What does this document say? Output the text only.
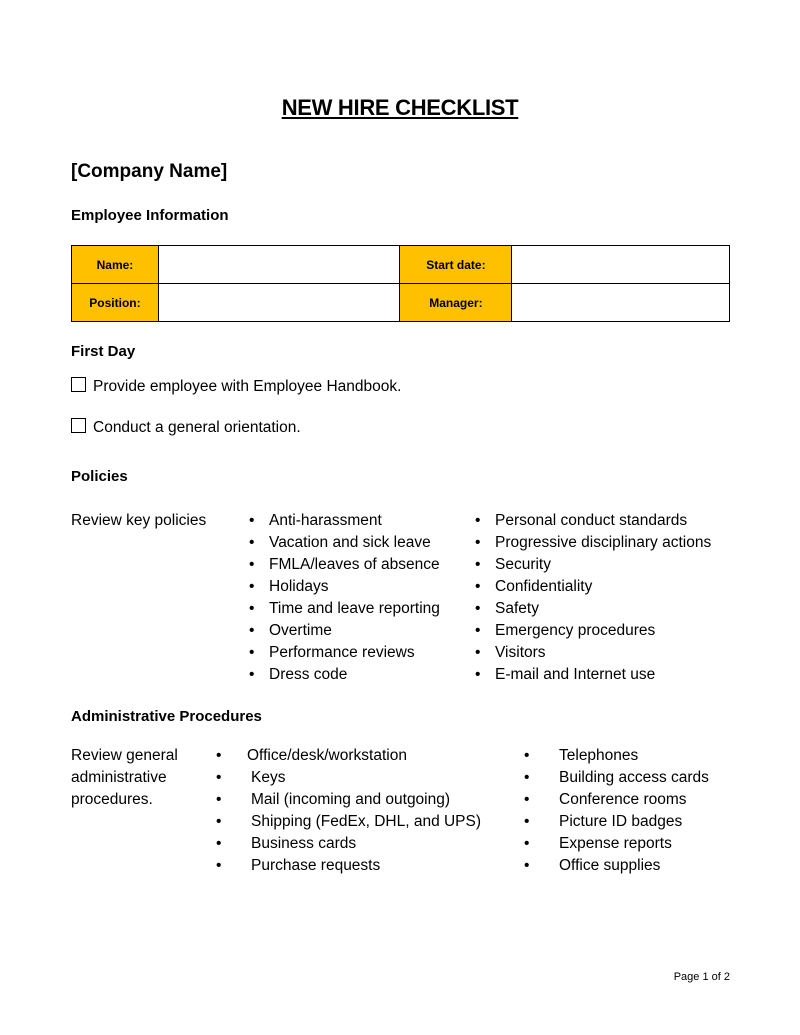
NEW HIRE CHECKLIST
[Company Name]
Employee Information
Name:		Start date:	
Position:		Manager:	
First Day
Provide employee with Employee Handbook.
Conduct a general orientation.
Policies
Review key policies	• Anti-harassment
• Vacation and sick leave
• FMLA/leaves of absence
• Holidays
• Time and leave reporting
• Overtime
• Performance reviews
• Dress code
• Personal conduct standards
• Progressive disciplinary actions
• Security
• Confidentiality
• Safety
• Emergency procedures
• Visitors
• E-mail and Internet use
Administrative Procedures
Review general
administrative
procedures.
• Office/desk/workstation
• Keys
• Mail (incoming and outgoing)
• Shipping (FedEx, DHL, and UPS)
• Business cards
• Purchase requests
• Telephones
• Building access cards
• Conference rooms
• Picture ID badges
• Expense reports
• Office supplies
Page 1 of 2
